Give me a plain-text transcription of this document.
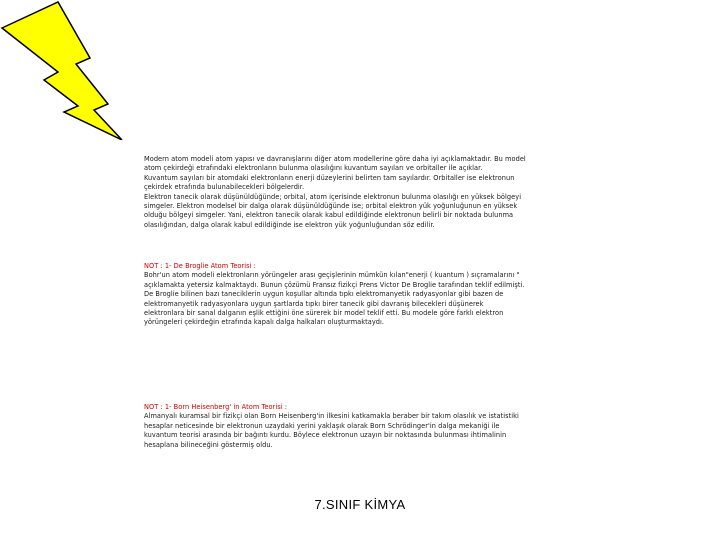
Modern atom modeli atom yapısı ve davranışlarını diğer atom modellerine göre daha iyi açıklamaktadır. Bu model
atom çekirdeği etrafındaki elektronların bulunma olasılığını kuvantum sayıları ve orbitaller ile açıklar.
Kuvantum sayıları bir atomdaki elektronların enerji düzeylerini belirten tam sayılardır. Orbitaller ise elektronun
çekirdek etrafında bulunabilecekleri bölgelerdir.
Elektron tanecik olarak düşünüldüğünde; orbital, atom içerisinde elektronun bulunma olasılığı en yüksek bölgeyi
simgeler. Elektron modelsel bir dalga olarak düşünüldüğünde ise; orbital elektron yük yoğunluğunun en yüksek
olduğu bölgeyi simgeler. Yani, elektron tanecik olarak kabul edildiğinde elektronun belirli bir noktada bulunma
olasılığından, dalga olarak kabul edildiğinde ise elektron yük yoğunluğundan söz edilir.
NOT : 1- De Broglie Atom Teorisi :
Bohr'un atom modeli elektronların yörüngeler arası geçişlerinin mümkün kılan"enerji ( kuantum ) sıçramalarını "
açıklamakta yetersiz kalmaktaydı. Bunun çözümü Fransız fizikçi Prens Victor De Broglie tarafından teklif edilmişti.
De Broglie bilinen bazı taneciklerin uygun koşullar altında tıpkı elektromanyetik radyasyonlar gibi bazen de
elektromanyetik radyasyonlara uygun şartlarda tıpkı birer tanecik gibi davranış bilecekleri düşünerek
elektronlara bir sanal dalganın eşlik ettiğini öne sürerek bir model teklif etti. Bu modele göre farklı elektron
yörüngeleri çekirdeğin etrafında kapalı dalga halkaları oluşturmaktaydı.
NOT : 1- Born Heisenberg' in Atom Teorisi :
Almanyalı kuramsal bir fizikçi olan Born Heisenberg'in ilkesini katkamakla beraber bir takım olasılık ve istatistiki
hesaplar neticesinde bir elektronun uzaydaki yerini yaklaşık olarak Born Schrödinger'in dalga mekaniği ile
kuvantum teorisi arasında bir bağıntı kurdu. Böylece elektronun uzayın bir noktasında bulunması ihtimalinin
hesaplana bilineceğini göstermiş oldu.
7.SINIF KİMYA
